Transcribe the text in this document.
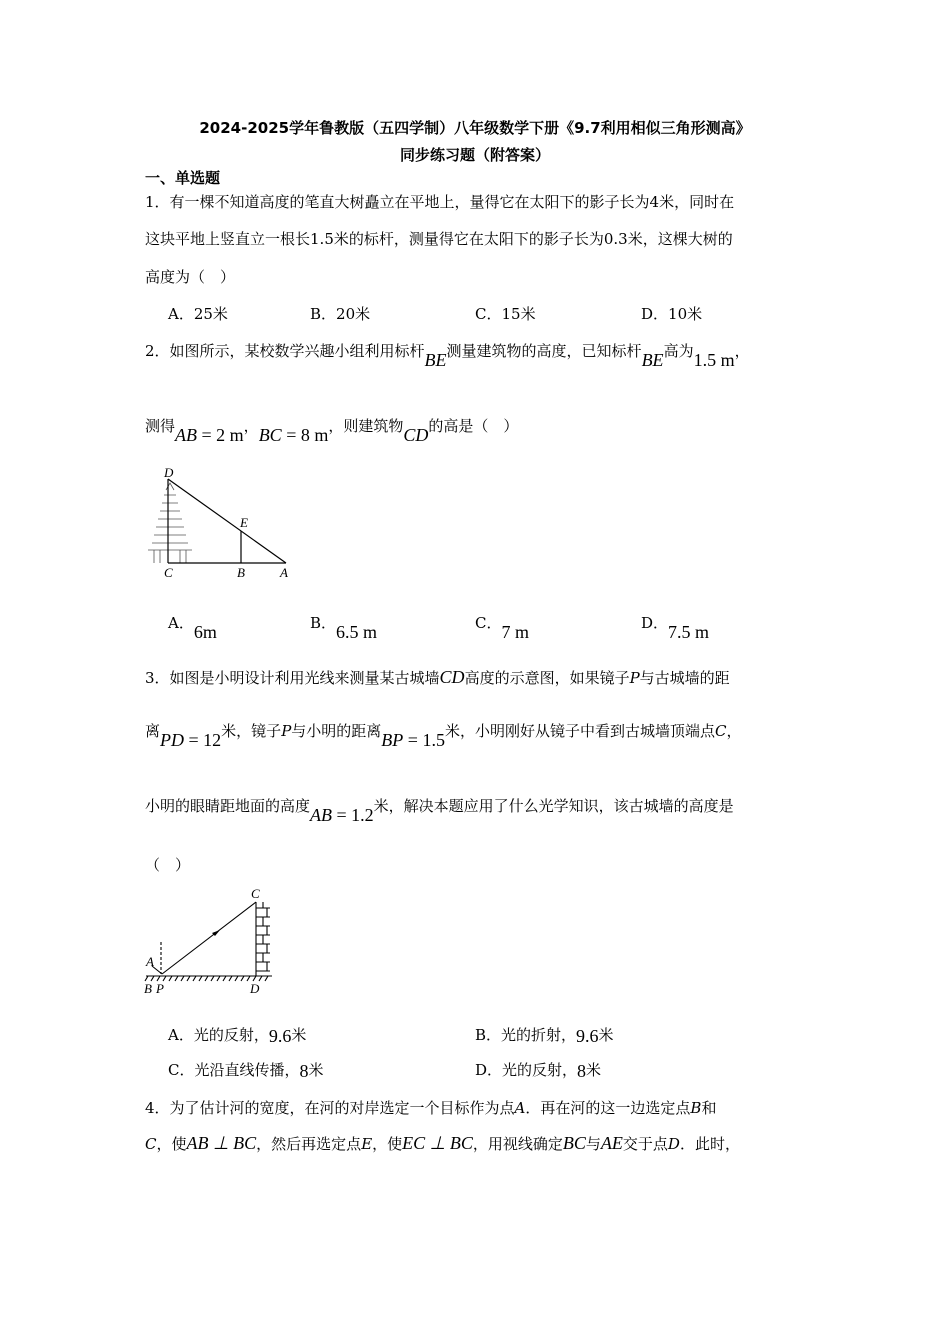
2024-2025学年鲁教版（五四学制）八年级数学下册《9.7利用相似三角形测高》
同步练习题（附答案）
一、单选题
1．有一棵不知道高度的笔直大树矗立在平地上，量得它在太阳下的影子长为4米，同时在
这块平地上竖直立一根长1.5米的标杆，测量得它在太阳下的影子长为0.3米，这棵大树的
高度为（　）
A．25米	B．20米	C．15米	D．10米
2．如图所示，某校数学兴趣小组利用标杆BE测量建筑物的高度，已知标杆BE高为1.5 m，
测得AB = 2 m，BC = 8 m，则建筑物CD的高是（　）
D
E
C	B	A
A．6m	B．6.5 m	C．7 m	D．7.5 m
3．如图是小明设计利用光线来测量某古城墙CD高度的示意图，如果镜子P与古城墙的距
离PD = 12米，镜子P与小明的距离BP = 1.5米，小明刚好从镜子中看到古城墙顶端点C，
小明的眼睛距地面的高度AB = 1.2米，解决本题应用了什么光学知识，该古城墙的高度是
（　）
C
A
B P	D
A．光的反射，9.6米	B．光的折射，9.6米
C．光沿直线传播，8米	D．光的反射，8米
4．为了估计河的宽度，在河的对岸选定一个目标作为点A．再在河的这一边选定点B和
C，使AB ⊥ BC，然后再选定点E，使EC ⊥ BC，用视线确定BC与AE交于点D．此时，
